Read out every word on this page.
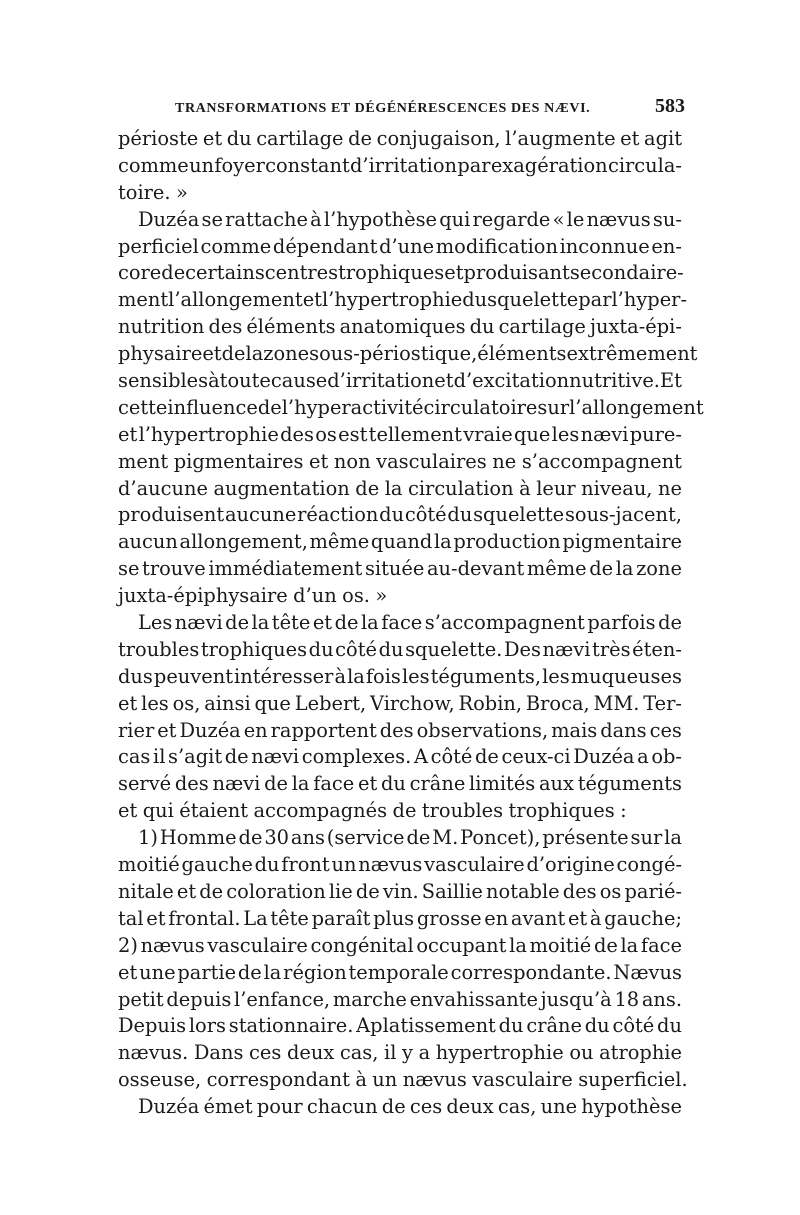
TRANSFORMATIONS ET DÉGÉNÉRESCENCES DES NÆVI.	583
périoste et du cartilage de conjugaison, l’augmente et agit
comme un foyer constant d’irritation par exagération circula-
toire. »
Duzéa se rattache à l’hypothèse qui regarde « le nævus su-
perficiel comme dépendant d’une modification inconnue en-
core de certains centres trophiques et produisant secondaire-
ment l’allongement et l’hypertrophie du squelette par l’hyper-
nutrition des éléments anatomiques du cartilage juxta-épi-
physaire et de la zone sous-périostique,éléments extrêmement
sensibles à toute cause d’irritation et d’excitation nutritive. Et
cette influence de l’hyperactivité circulatoire sur l’allongement
et l’hypertrophie des os est tellement vraie que les nævi pure-
ment pigmentaires et non vasculaires ne s’accompagnent
d’aucune augmentation de la circulation à leur niveau, ne
produisent aucune réaction du côté du squelette sous-jacent,
aucun allongement, même quand la production pigmentaire
se trouve immédiatement située au-devant même de la zone
juxta-épiphysaire d’un os. »
Les nævi de la tête et de la face s’accompagnent parfois de
troubles trophiques du côté du squelette. Des nævi très éten-
dus peuvent intéresser à la fois les téguments, les muqueuses
et les os, ainsi que Lebert, Virchow, Robin, Broca, MM. Ter-
rier et Duzéa en rapportent des observations, mais dans ces
cas il s’agit de nævi complexes. A côté de ceux-ci Duzéa a ob-
servé des nævi de la face et du crâne limités aux téguments
et qui étaient accompagnés de troubles trophiques :
1) Homme de 30 ans (service de M. Poncet), présente sur la
moitié gauche du front un nævus vasculaire d’origine congé-
nitale et de coloration lie de vin. Saillie notable des os parié-
tal et frontal. La tête paraît plus grosse en avant et à gauche;
2) nævus vasculaire congénital occupant la moitié de la face
et une partie de la région temporale correspondante. Nævus
petit depuis l’enfance, marche envahissante jusqu’à 18 ans.
Depuis lors stationnaire. Aplatissement du crâne du côté du
nævus. Dans ces deux cas, il y a hypertrophie ou atrophie
osseuse, correspondant à un nævus vasculaire superficiel.
Duzéa émet pour chacun de ces deux cas, une hypothèse
